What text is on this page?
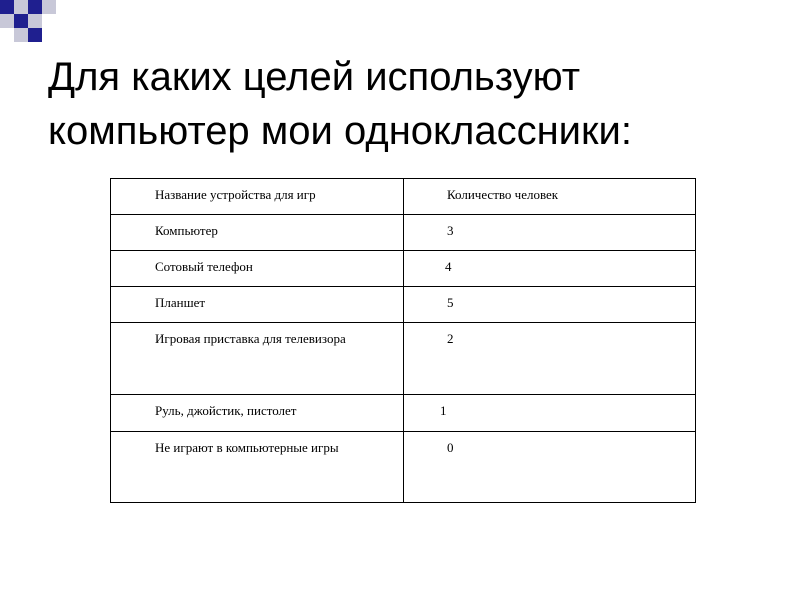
Для каких целей используют компьютер мои одноклассники:
Название устройства для игр	Количество человек
Компьютер	3
Сотовый телефон	4
Планшет	5
Игровая приставка для телевизора	2
Руль, джойстик, пистолет	1
Не играют в компьютерные игры	0
